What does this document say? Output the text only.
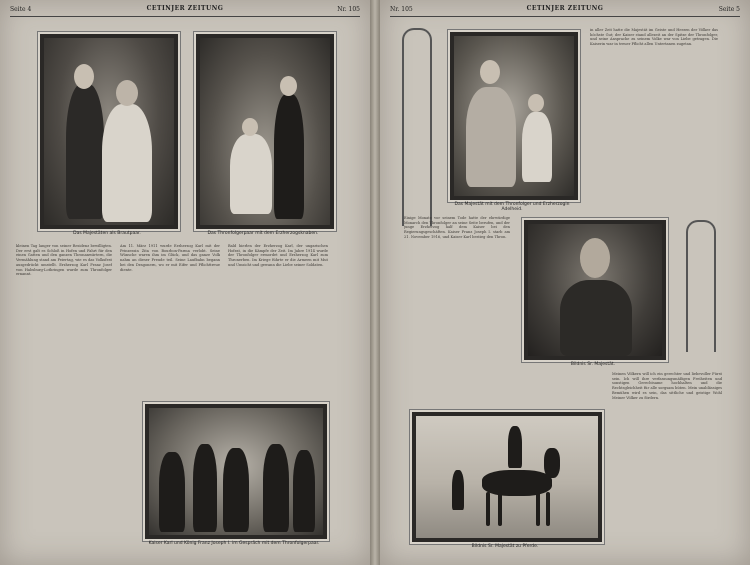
Seite 4	CETINJER ZEITUNG	Nr. 105
Das Majestäten als Brautpaar.	Das Thronfolgerpaar mit dem Erzherzogsknaben.
kleinen Tag langer von seiner Residenz bewilligten. Der erst galt es Schloß in Hofen und Fahrt für den einen Gatten und den ganzen Thronanwärtern, die Vermählung stand am Feiertag, wie es das Volksfest ausgedrückt umstellt. Erzherzog Karl Franz Josef von Habsburg-Lothringen wurde zum Thronfolger ernannt.
Am 11. März 1911 wurde Erzherzog Karl mit der Prinzessin Zita von Bourbon-Parma verlobt. Seine Wünsche waren ihm im Glück, und das ganze Volk nahm an dieser Freude teil. Seine Laufbahn begann bei den Dragonern, wo er mit Eifer und Pflichttreue diente.
Bald hierlen der Erzherzog Karl, der ungarischen Hofrat, in die Kämpfe der Zeit. Im Jahre 1914 wurde der Thronfolger ermordet und Erzherzog Karl zum Thronerben. Im Kriege führte er die Armeen mit Mut und Umsicht und gewann die Liebe seiner Soldaten.
Kaiser Karl und König Franz Joseph I. im Gespräch mit dem Thronfolgerpaar.
Nr. 105	CETINJER ZEITUNG	Seite 5
Das Majestät mit dem Thronfolger und Erzherzogin Adelheid.
in aller Zeit hatte die Majestät im Geiste und Herzen der Völker das höchste Gut; der Kaiser stand allezeit an der Spitze der Thronfolger, und seine Ansprache zu seinem Volke war von Liebe getragen. Die Kaiserin war in treuer Pflicht allen Untertanen zugetan.
Einige Monate vor seinem Tode hatte der ehrwürdige Monarch den Thronfolger an seine Seite berufen, und der junge Erzherzog half dem Kaiser bei den Regierungsgeschäften. Kaiser Franz Joseph I. starb am 21. November 1916, und Kaiser Karl bestieg den Thron.
Bildnis Sr. Majestät.
Bildnis Sr. Majestät zu Pferde.
Meinen Völkern will ich ein gerechter und liebevoller Fürst sein. Ich will ihre verfassungsmäßigen Freiheiten und sonstigen Gerechtsame hochhalten und die Rechtsgleichheit für alle sorgsam hüten. Mein unablässiges Bemühen wird es sein, das sittliche und geistige Wohl Meiner Völker zu fördern.
